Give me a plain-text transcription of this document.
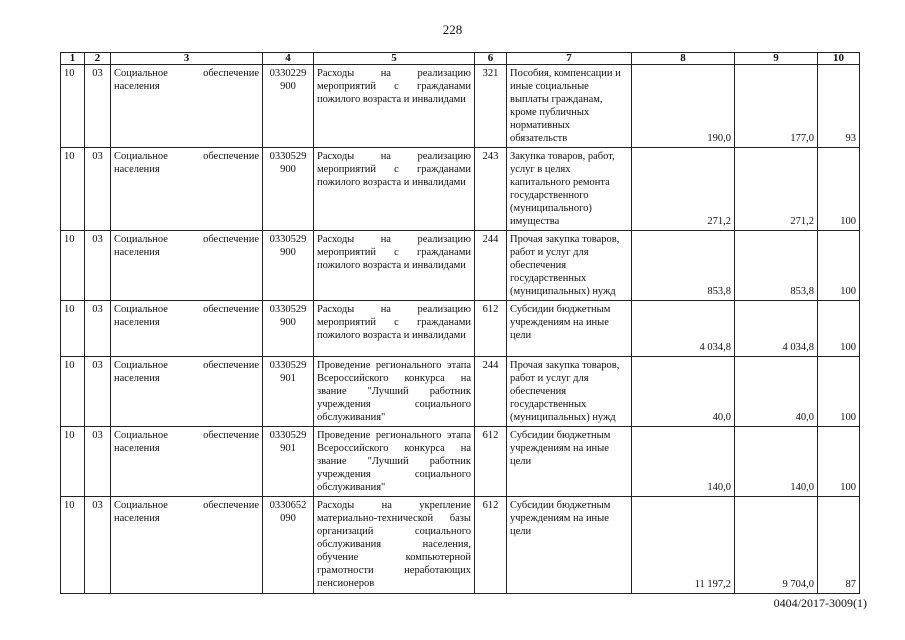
228
1	2	3	4	5	6	7	8	9	10
10	03	Социальное обеспечение населения	0330229 900	Расходы на реализацию мероприятий с гражданами пожилого возраста и инвалидами	321	Пособия, компенсации и иные социальные выплаты гражданам, кроме публичных нормативных обязательств	190,0	177,0	93
10	03	Социальное обеспечение населения	0330529 900	Расходы на реализацию мероприятий с гражданами пожилого возраста и инвалидами	243	Закупка товаров, работ, услуг в целях капитального ремонта государственного (муниципального) имущества	271,2	271,2	100
10	03	Социальное обеспечение населения	0330529 900	Расходы на реализацию мероприятий с гражданами пожилого возраста и инвалидами	244	Прочая закупка товаров, работ и услуг для обеспечения государственных (муниципальных) нужд	853,8	853,8	100
10	03	Социальное обеспечение населения	0330529 900	Расходы на реализацию мероприятий с гражданами пожилого возраста и инвалидами	612	Субсидии бюджетным учреждениям на иные цели	4 034,8	4 034,8	100
10	03	Социальное обеспечение населения	0330529 901	Проведение регионального этапа Всероссийского конкурса на звание "Лучший работник учреждения социального обслуживания"	244	Прочая закупка товаров, работ и услуг для обеспечения государственных (муниципальных) нужд	40,0	40,0	100
10	03	Социальное обеспечение населения	0330529 901	Проведение регионального этапа Всероссийского конкурса на звание "Лучший работник учреждения социального обслуживания"	612	Субсидии бюджетным учреждениям на иные цели	140,0	140,0	100
10	03	Социальное обеспечение населения	0330652 090	Расходы на укрепление материально-технической базы организаций социального обслуживания населения, обучение компьютерной грамотности неработающих пенсионеров	612	Субсидии бюджетным учреждениям на иные цели	11 197,2	9 704,0	87
0404/2017-3009(1)
